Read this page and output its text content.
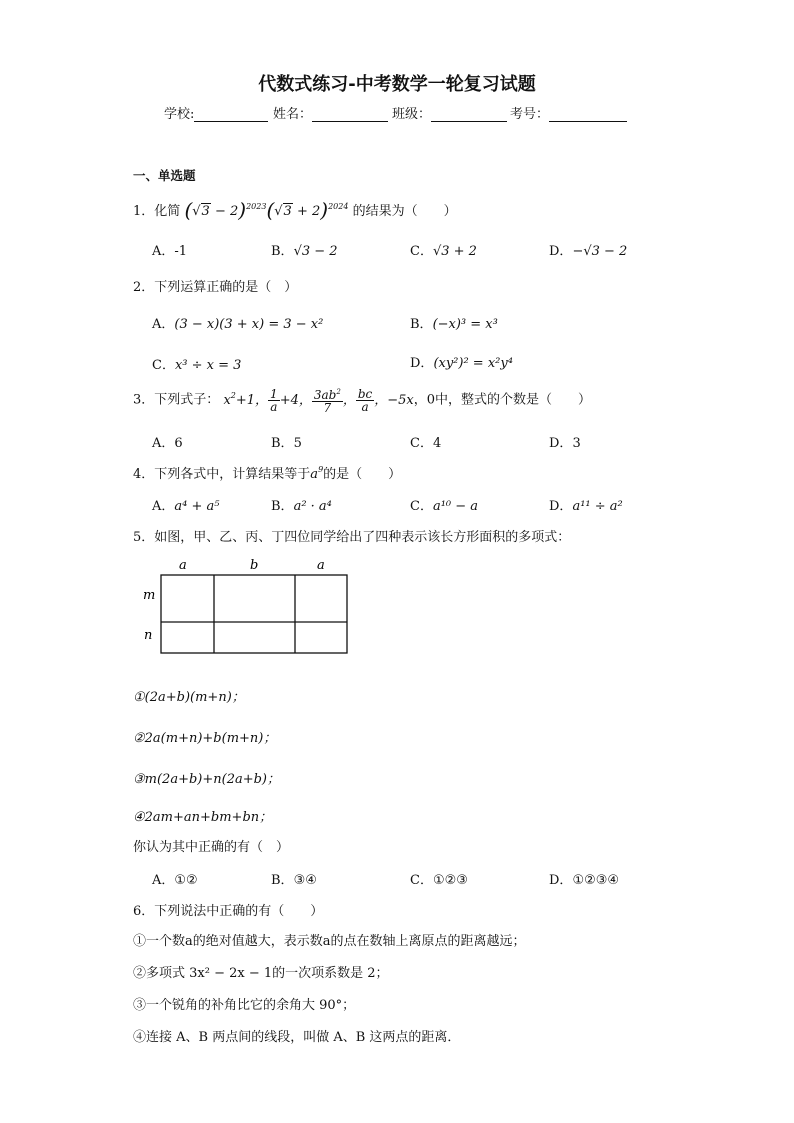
代数式练习-中考数学一轮复习试题
学校:	姓名：	班级：	考号：
一、单选题
1．化简 $(√3 - 2)^{2023}(√3 + 2)^{2024}$ 的结果为（　　）
A．-1	B．√3 − 2	C．√3 + 2	D．−√3 − 2
2．下列运算正确的是（　）
A．(3 − x)(3 + x) = 3 − x²	B．(−x)³ = x³
C．x³ ÷ x = 3	D．(xy²)² = x²y⁴
3．下列式子： $x^2+1$， $\frac{1}{a} +4$， $\frac{3ab^2}{7}$ ， $\frac{bc}{a}$ ，−5x，0中，整式的个数是（　　）
A．6	B．5	C．4	D．3
4．下列各式中，计算结果等于$a^9$的是（　　）
A．a⁴ + a⁵	B．a² · a⁴	C．a¹⁰ − a	D．a¹¹ ÷ a²
5．如图，甲、乙、丙、丁四位同学给出了四种表示该长方形面积的多项式：
a	b	a
m
n
①(2a+b)(m+n)；
②2a(m+n)+b(m+n)；
③m(2a+b)+n(2a+b)；
④2am+an+bm+bn；
你认为其中正确的有（　）
A．①②	B．③④	C．①②③	D．①②③④
6．下列说法中正确的有（　　）
①一个数a的绝对值越大，表示数a的点在数轴上离原点的距离越远；
②多项式 3x² − 2x − 1的一次项系数是 2；
③一个锐角的补角比它的余角大 90°；
④连接 A、B 两点间的线段，叫做 A、B 这两点的距离．
